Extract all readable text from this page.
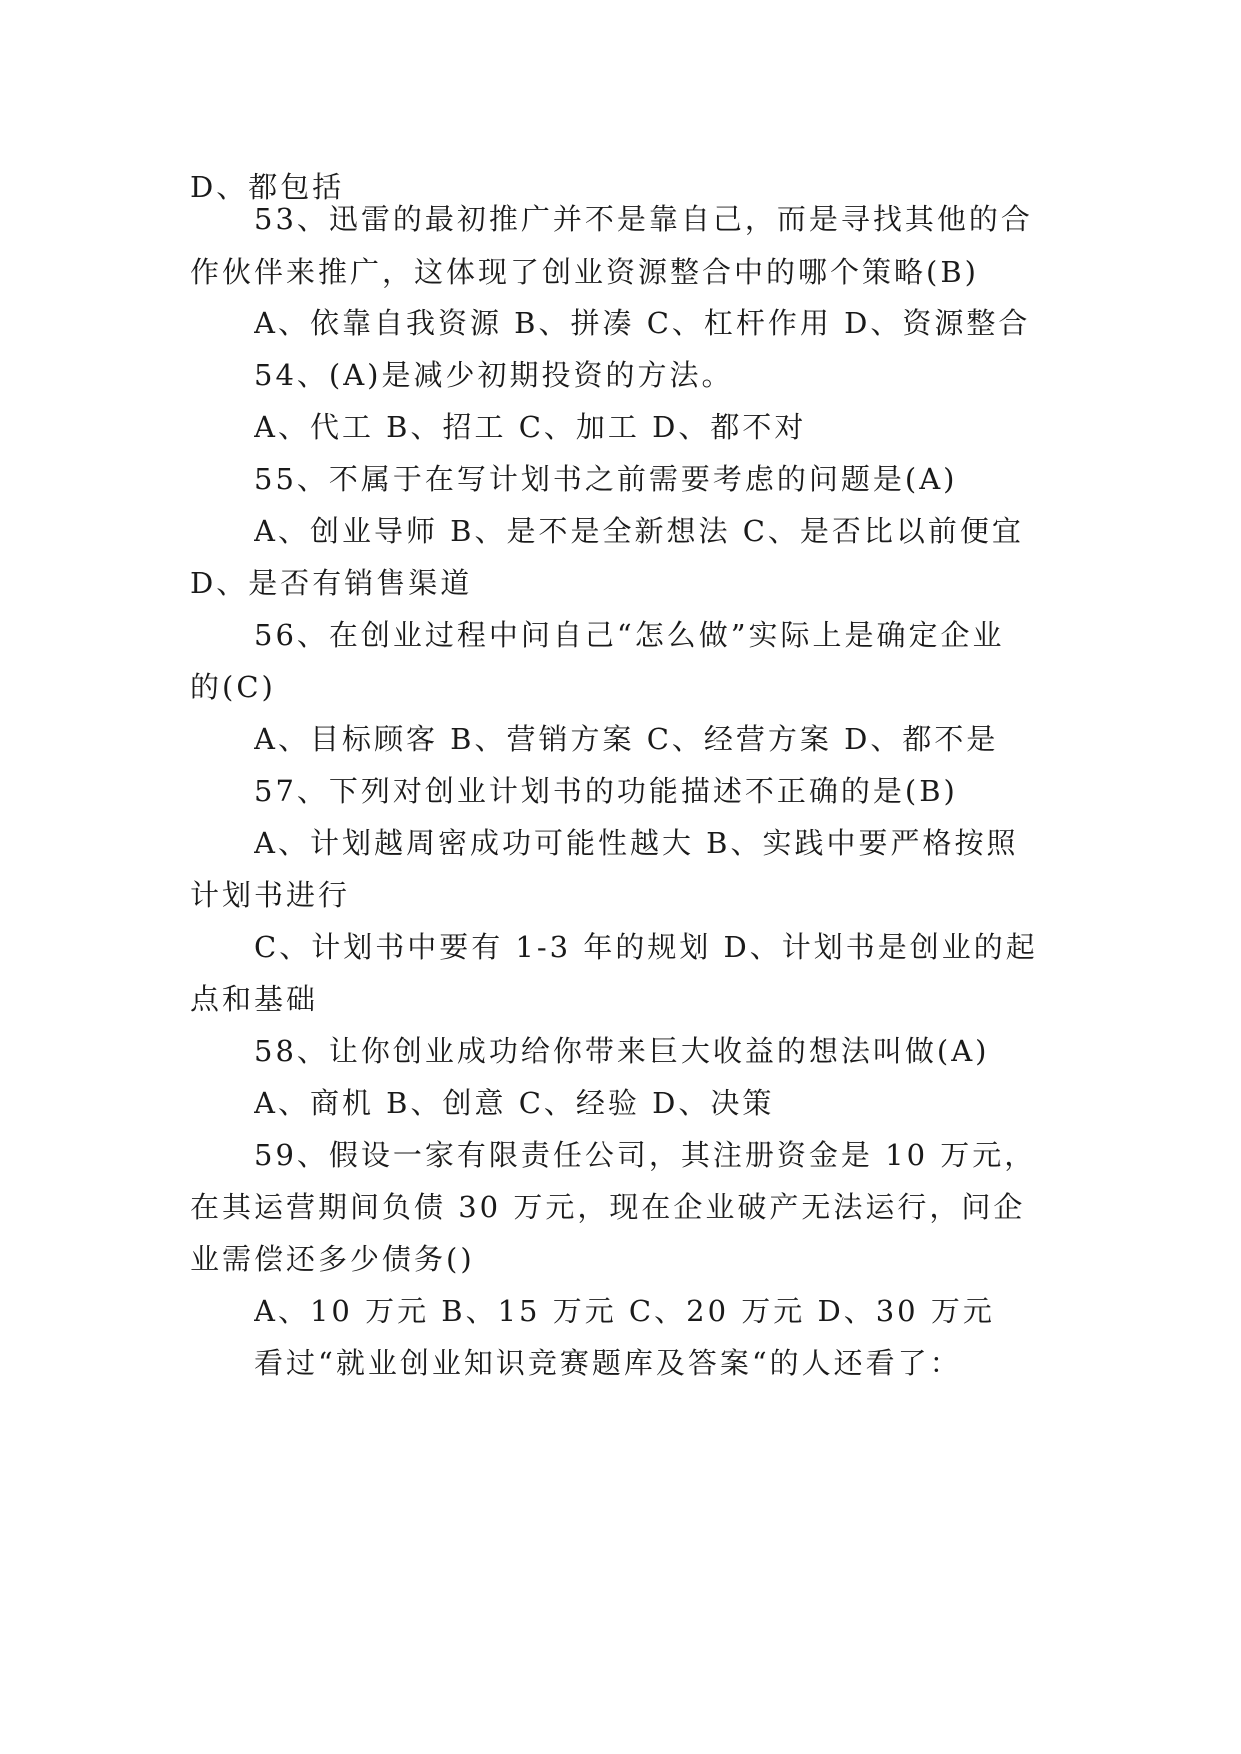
D、都包括
53、迅雷的最初推广并不是靠自己，而是寻找其他的合
作伙伴来推广，这体现了创业资源整合中的哪个策略(B)
A、依靠自我资源 B、拼凑 C、杠杆作用 D、资源整合
54、(A)是减少初期投资的方法。
A、代工 B、招工 C、加工 D、都不对
55、不属于在写计划书之前需要考虑的问题是(A)
A、创业导师 B、是不是全新想法 C、是否比以前便宜
D、是否有销售渠道
56、在创业过程中问自己“怎么做”实际上是确定企业
的(C)
A、目标顾客 B、营销方案 C、经营方案 D、都不是
57、下列对创业计划书的功能描述不正确的是(B)
A、计划越周密成功可能性越大 B、实践中要严格按照
计划书进行
C、计划书中要有 1-3 年的规划 D、计划书是创业的起
点和基础
58、让你创业成功给你带来巨大收益的想法叫做(A)
A、商机 B、创意 C、经验 D、决策
59、假设一家有限责任公司，其注册资金是 10 万元，
在其运营期间负债 30 万元，现在企业破产无法运行，问企
业需偿还多少债务()
A、10 万元 B、15 万元 C、20 万元 D、30 万元
看过“就业创业知识竞赛题库及答案“的人还看了：
